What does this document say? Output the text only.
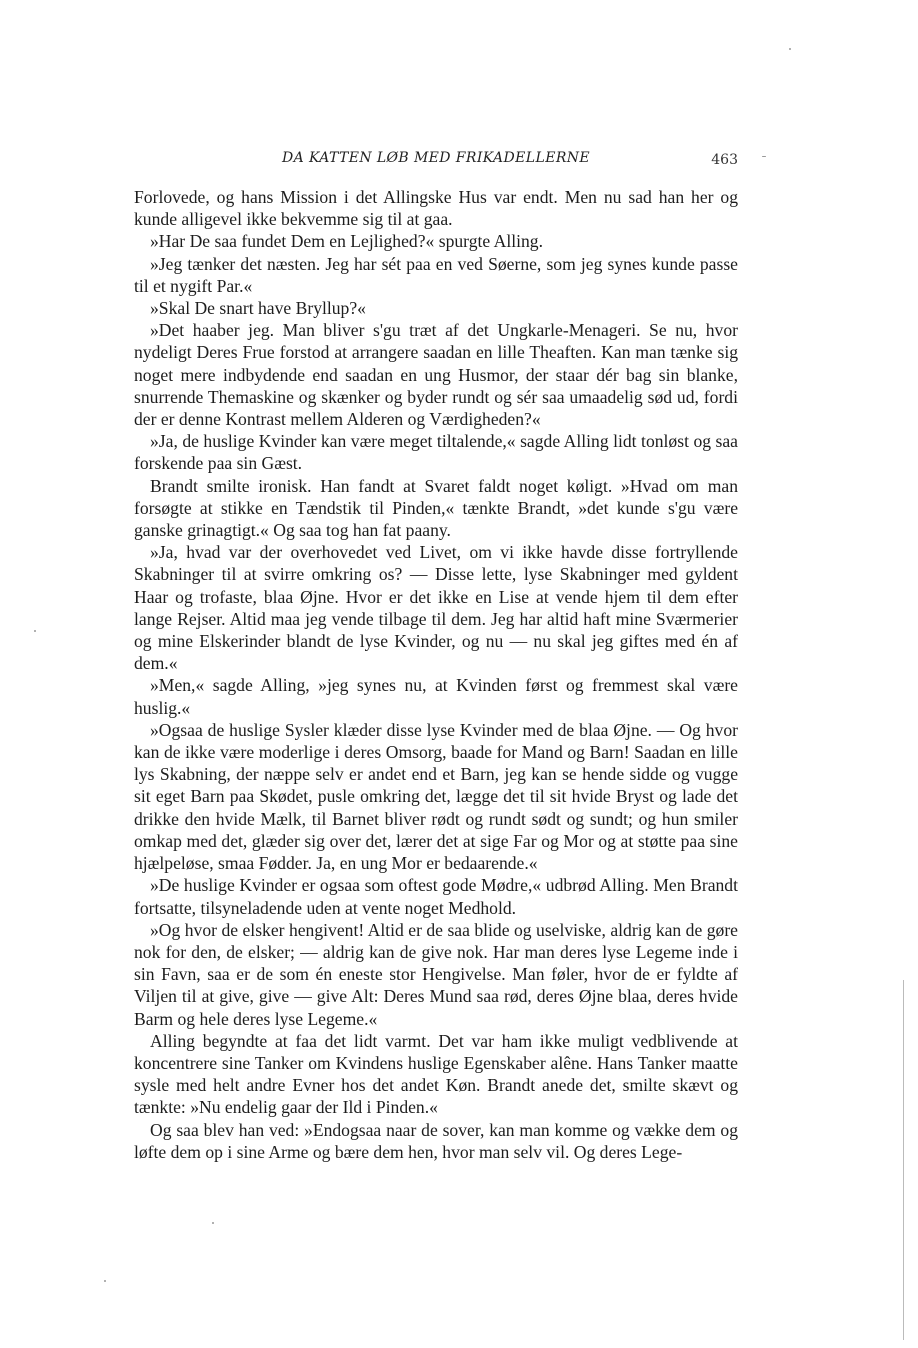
DA KATTEN LØB MED FRIKADELLERNE	463

Forlovede, og hans Mission i det Allingske Hus var endt. Men nu sad han her og kunde alligevel ikke bekvemme sig til at gaa.

»Har De saa fundet Dem en Lejlighed?« spurgte Alling.

»Jeg tænker det næsten. Jeg har sét paa en ved Søerne, som jeg synes kunde passe til et nygift Par.«

»Skal De snart have Bryllup?«

»Det haaber jeg. Man bliver s'gu træt af det Ungkarle-Menageri. Se nu, hvor nydeligt Deres Frue forstod at arrangere saadan en lille Theaften. Kan man tænke sig noget mere indbydende end saadan en ung Husmor, der staar dér bag sin blanke, snurrende Themaskine og skænker og byder rundt og sér saa umaadelig sød ud, fordi der er denne Kontrast mellem Alderen og Værdigheden?«

»Ja, de huslige Kvinder kan være meget tiltalende,« sagde Alling lidt tonløst og saa forskende paa sin Gæst.

Brandt smilte ironisk. Han fandt at Svaret faldt noget køligt. »Hvad om man forsøgte at stikke en Tændstik til Pinden,« tænkte Brandt, »det kunde s'gu være ganske grinagtigt.« Og saa tog han fat paany.

»Ja, hvad var der overhovedet ved Livet, om vi ikke havde disse fortryllende Skabninger til at svirre omkring os? — Disse lette, lyse Skabninger med gyldent Haar og trofaste, blaa Øjne. Hvor er det ikke en Lise at vende hjem til dem efter lange Rejser. Altid maa jeg vende tilbage til dem. Jeg har altid haft mine Sværmerier og mine Elskerinder blandt de lyse Kvinder, og nu — nu skal jeg giftes med én af dem.«

»Men,« sagde Alling, »jeg synes nu, at Kvinden først og fremmest skal være huslig.«

»Ogsaa de huslige Sysler klæder disse lyse Kvinder med de blaa Øjne. — Og hvor kan de ikke være moderlige i deres Omsorg, baade for Mand og Barn! Saadan en lille lys Skabning, der næppe selv er andet end et Barn, jeg kan se hende sidde og vugge sit eget Barn paa Skødet, pusle omkring det, lægge det til sit hvide Bryst og lade det drikke den hvide Mælk, til Barnet bliver rødt og rundt sødt og sundt; og hun smiler omkap med det, glæder sig over det, lærer det at sige Far og Mor og at støtte paa sine hjælpeløse, smaa Fødder. Ja, en ung Mor er bedaarende.«

»De huslige Kvinder er ogsaa som oftest gode Mødre,« udbrød Alling. Men Brandt fortsatte, tilsyneladende uden at vente noget Medhold.

»Og hvor de elsker hengivent! Altid er de saa blide og uselviske, aldrig kan de gøre nok for den, de elsker; — aldrig kan de give nok. Har man deres lyse Legeme inde i sin Favn, saa er de som én eneste stor Hengivelse. Man føler, hvor de er fyldte af Viljen til at give, give — give Alt: Deres Mund saa rød, deres Øjne blaa, deres hvide Barm og hele deres lyse Legeme.«

Alling begyndte at faa det lidt varmt. Det var ham ikke muligt vedblivende at koncentrere sine Tanker om Kvindens huslige Egenskaber alêne. Hans Tanker maatte sysle med helt andre Evner hos det andet Køn. Brandt anede det, smilte skævt og tænkte: »Nu endelig gaar der Ild i Pinden.«

Og saa blev han ved: »Endogsaa naar de sover, kan man komme og vække dem og løfte dem op i sine Arme og bære dem hen, hvor man selv vil. Og deres Lege-
